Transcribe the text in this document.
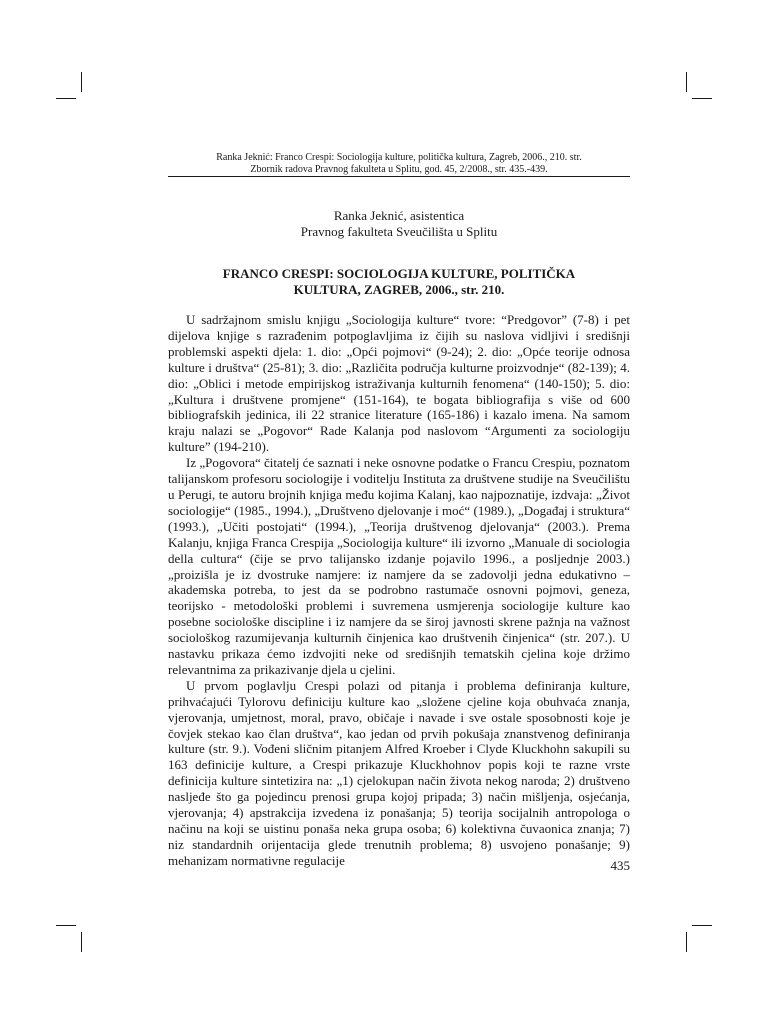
Ranka Jeknić: Franco Crespi: Sociologija kulture, politička kultura, Zagreb, 2006., 210. str.
Zbornik radova Pravnog fakulteta u Splitu, god. 45, 2/2008., str. 435.-439.
Ranka Jeknić, asistentica
Pravnog fakulteta Sveučilišta u Splitu
FRANCO CRESPI: SOCIOLOGIJA KULTURE, POLITIČKA
KULTURA, ZAGREB, 2006., str. 210.

U sadržajnom smislu knjigu „Sociologija kulture“ tvore: “Predgovor” (7-8) i pet dijelova knjige s razrađenim potpoglavljima iz čijih su naslova vidljivi i središnji problemski aspekti djela: 1. dio: „Opći pojmovi“ (9-24); 2. dio: „Opće teorije odnosa kulture i društva“ (25-81); 3. dio: „Različita područja kulturne proizvodnje“ (82-139); 4. dio: „Oblici i metode empirijskog istraživanja kulturnih fenomena“ (140-150); 5. dio: „Kultura i društvene promjene“ (151-164), te bogata bibliografija s više od 600 bibliografskih jedinica, ili 22 stranice literature (165-186) i kazalo imena. Na samom kraju nalazi se „Pogovor“ Rade Kalanja pod naslovom “Argumenti za sociologiju kulture” (194-210).

Iz „Pogovora“ čitatelj će saznati i neke osnovne podatke o Francu Crespiu, poznatom talijanskom profesoru sociologije i voditelju Instituta za društvene studije na Sveučilištu u Perugi, te autoru brojnih knjiga među kojima Kalanj, kao najpoznatije, izdvaja: „Život sociologije“ (1985., 1994.), „Društveno djelovanje i moć“ (1989.), „Događaj i struktura“ (1993.), „Učiti postojati“ (1994.), „Teorija društvenog djelovanja“ (2003.). Prema Kalanju, knjiga Franca Crespija „Sociologija kulture“ ili izvorno „Manuale di sociologia della cultura“ (čije se prvo talijansko izdanje pojavilo 1996., a posljednje 2003.) „proizišla je iz dvostruke namjere: iz namjere da se zadovolji jedna edukativno – akademska potreba, to jest da se podrobno rastumače osnovni pojmovi, geneza, teorijsko - metodološki problemi i suvremena usmjerenja sociologije kulture kao posebne sociološke discipline i iz namjere da se široj javnosti skrene pažnja na važnost sociološkog razumijevanja kulturnih činjenica kao društvenih činjenica“ (str. 207.). U nastavku prikaza ćemo izdvojiti neke od središnjih tematskih cjelina koje držimo relevantnima za prikazivanje djela u cjelini.

U prvom poglavlju Crespi polazi od pitanja i problema definiranja kulture, prihvaćajući Tylorovu definiciju kulture kao „složene cjeline koja obuhvaća znanja, vjerovanja, umjetnost, moral, pravo, običaje i navade i sve ostale sposobnosti koje je čovjek stekao kao član društva“, kao jedan od prvih pokušaja znanstvenog definiranja kulture (str. 9.). Vođeni sličnim pitanjem Alfred Kroeber i Clyde Kluckhohn sakupili su 163 definicije kulture, a Crespi prikazuje Kluckhohnov popis koji te razne vrste definicija kulture sintetizira na: „1) cjelokupan način života nekog naroda; 2) društveno nasljeđe što ga pojedincu prenosi grupa kojoj pripada; 3) način mišljenja, osjećanja, vjerovanja; 4) apstrakcija izvedena iz ponašanja; 5) teorija socijalnih antropologa o načinu na koji se uistinu ponaša neka grupa osoba; 6) kolektivna čuvaonica znanja; 7) niz standardnih orijentacija glede trenutnih problema; 8) usvojeno ponašanje; 9) mehanizam normativne regulacije	435
